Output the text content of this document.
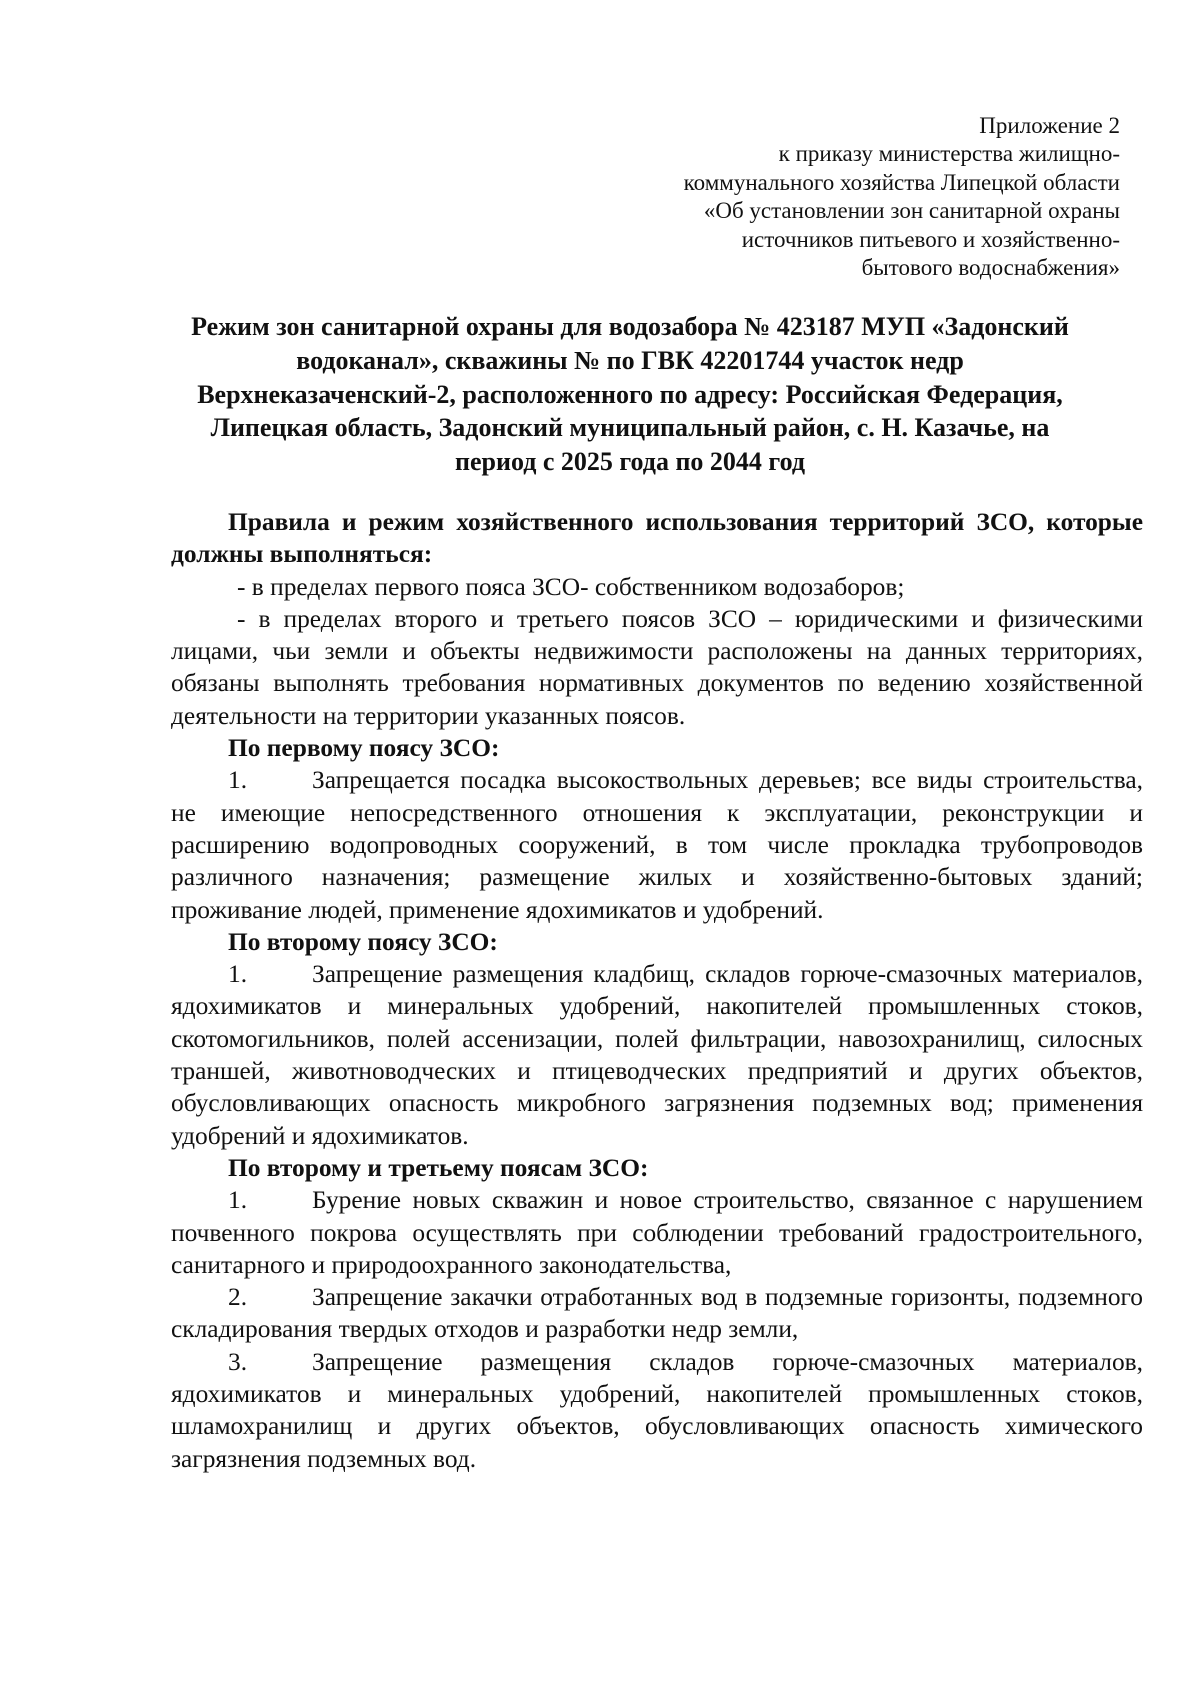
Приложение 2
к приказу министерства жилищно-
коммунального хозяйства Липецкой области
«Об установлении зон санитарной охраны
источников питьевого и хозяйственно-
бытового водоснабжения»
Режим зон санитарной охраны для водозабора № 423187 МУП «Задонский
водоканал», скважины № по ГВК 42201744 участок недр
Верхнеказаченский-2, расположенного по адресу: Российская Федерация,
Липецкая область, Задонский муниципальный район, с. Н. Казачье, на
период с 2025 года по 2044 год

Правила и режим хозяйственного использования территорий ЗСО, которые должны выполняться:

- в пределах первого пояса ЗСО- собственником водозаборов;

- в пределах второго и третьего поясов ЗСО – юридическими и физическими лицами, чьи земли и объекты недвижимости расположены на данных территориях, обязаны выполнять требования нормативных документов по ведению хозяйственной деятельности на территории указанных поясов.

По первому поясу ЗСО:

1.	Запрещается посадка высокоствольных деревьев; все виды строительства, не имеющие непосредственного отношения к эксплуатации, реконструкции и расширению водопроводных сооружений, в том числе прокладка трубопроводов различного назначения; размещение жилых и хозяйственно-бытовых зданий; проживание людей, применение ядохимикатов и удобрений.

По второму поясу ЗСО:

1.	Запрещение размещения кладбищ, складов горюче-смазочных материалов, ядохимикатов и минеральных удобрений, накопителей промышленных стоков, скотомогильников, полей ассенизации, полей фильтрации, навозохранилищ, силосных траншей, животноводческих и птицеводческих предприятий и других объектов, обусловливающих опасность микробного загрязнения подземных вод; применения удобрений и ядохимикатов.

По второму и третьему поясам ЗСО:

1.	Бурение новых скважин и новое строительство, связанное с нарушением почвенного покрова осуществлять при соблюдении требований градостроительного, санитарного и природоохранного законодательства,

2.	Запрещение закачки отработанных вод в подземные горизонты, подземного складирования твердых отходов и разработки недр земли,

3.	Запрещение размещения складов горюче-смазочных материалов, ядохимикатов и минеральных удобрений, накопителей промышленных стоков, шламохранилищ и других объектов, обусловливающих опасность химического загрязнения подземных вод.
